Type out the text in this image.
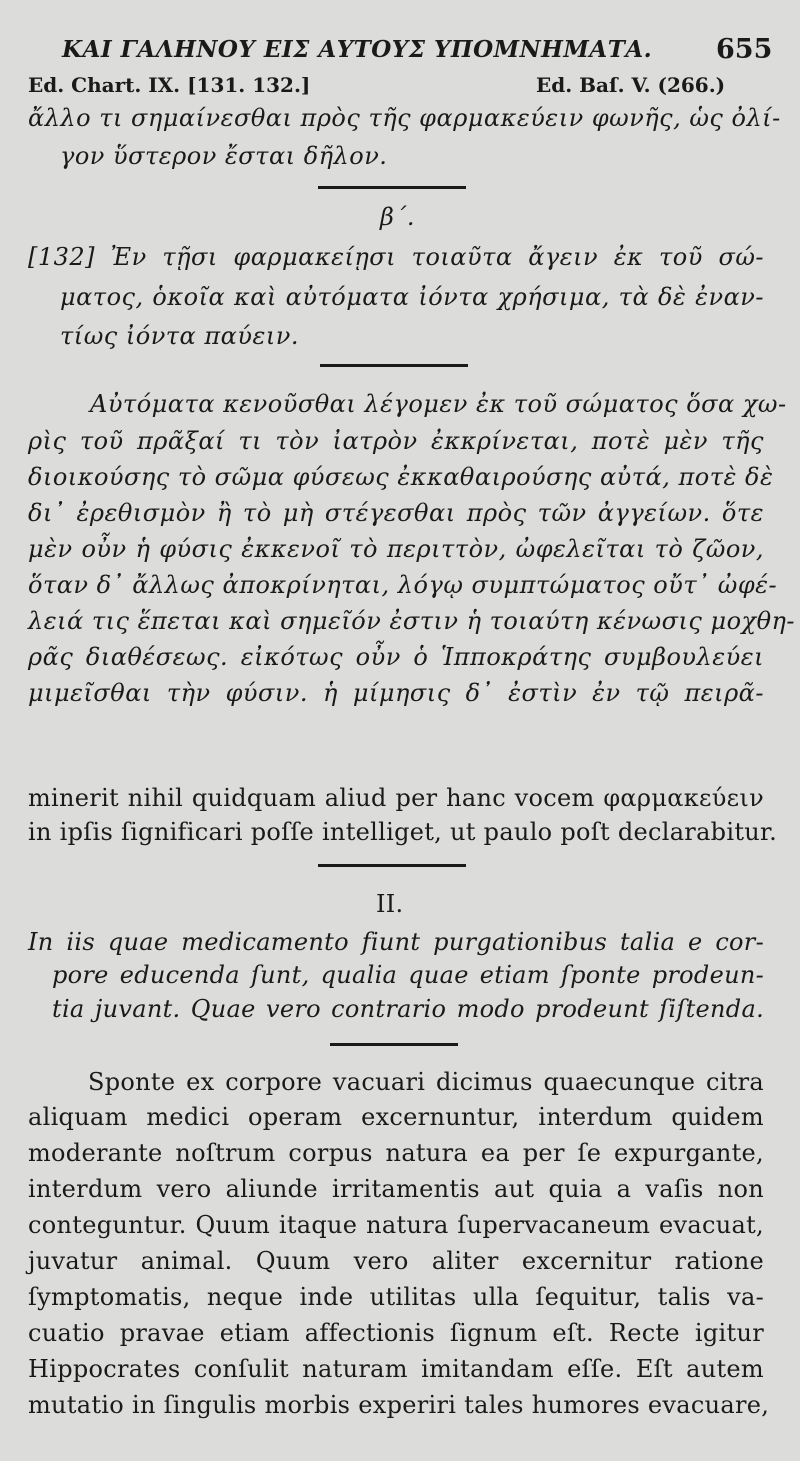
ΚΑΙ ΓΑΛΗΝΟΥ ΕΙΣ ΑΥΤΟΥΣ ΥΠΟΜΝΗΜΑΤΑ. 655
Ed. Chart. IX. [131. 132.]	Ed. Baſ. V. (266.)
ἄλλο τι σημαίνεσθαι πρὸς τῆς φαρμακεύειν φωνῆς, ὡς ὀλί-
γον ὕστερον ἔσται δῆλον.
β΄.
[132] Ἐν τῇσι φαρμακείῃσι τοιαῦτα ἄγειν ἐκ τοῦ σώ-
ματος, ὁκοῖα καὶ αὐτόματα ἰόντα χρήσιμα, τὰ δὲ ἐναν-
τίως ἰόντα παύειν.
Αὐτόματα κενοῦσθαι λέγομεν ἐκ τοῦ σώματος ὅσα χω-
ρὶς τοῦ πρᾶξαί τι τὸν ἰατρὸν ἐκκρίνεται, ποτὲ μὲν τῆς
διοικούσης τὸ σῶμα φύσεως ἐκκαθαιρούσης αὐτά, ποτὲ δὲ
δι᾿ ἐρεθισμὸν ἢ τὸ μὴ στέγεσθαι πρὸς τῶν ἀγγείων. ὅτε
μὲν οὖν ἡ φύσις ἐκκενοῖ τὸ περιττὸν, ὠφελεῖται τὸ ζῶον,
ὅταν δ᾿ ἄλλως ἀποκρίνηται, λόγῳ συμπτώματος οὔτ᾿ ὠφέ-
λειά τις ἕπεται καὶ σημεῖόν ἐστιν ἡ τοιαύτη κένωσις μοχθη-
ρᾶς διαθέσεως. εἰκότως οὖν ὁ Ἱπποκράτης συμβουλεύει
μιμεῖσθαι τὴν φύσιν. ἡ μίμησις δ᾿ ἐστὶν ἐν τῷ πειρᾶ-
minerit nihil quidquam aliud per hanc vocem φαρμακεύειν
in ipſis ſignificari poſſe intelliget, ut paulo poſt declarabitur.
II.
In iis quae medicamento fiunt purgationibus talia e cor-
pore educenda ſunt, qualia quae etiam ſponte prodeun-
tia juvant. Quae vero contrario modo prodeunt ſiſtenda.
Sponte ex corpore vacuari dicimus quaecunque citra
aliquam medici operam excernuntur, interdum quidem
moderante noſtrum corpus natura ea per ſe expurgante,
interdum vero aliunde irritamentis aut quia a vaſis non
conteguntur. Quum itaque natura ſupervacaneum evacuat,
juvatur animal. Quum vero aliter excernitur ratione
ſymptomatis, neque inde utilitas ulla ſequitur, talis va-
cuatio pravae etiam affectionis ſignum eſt. Recte igitur
Hippocrates conſulit naturam imitandam eſſe. Eſt autem
mutatio in ſingulis morbis experiri tales humores evacuare,
